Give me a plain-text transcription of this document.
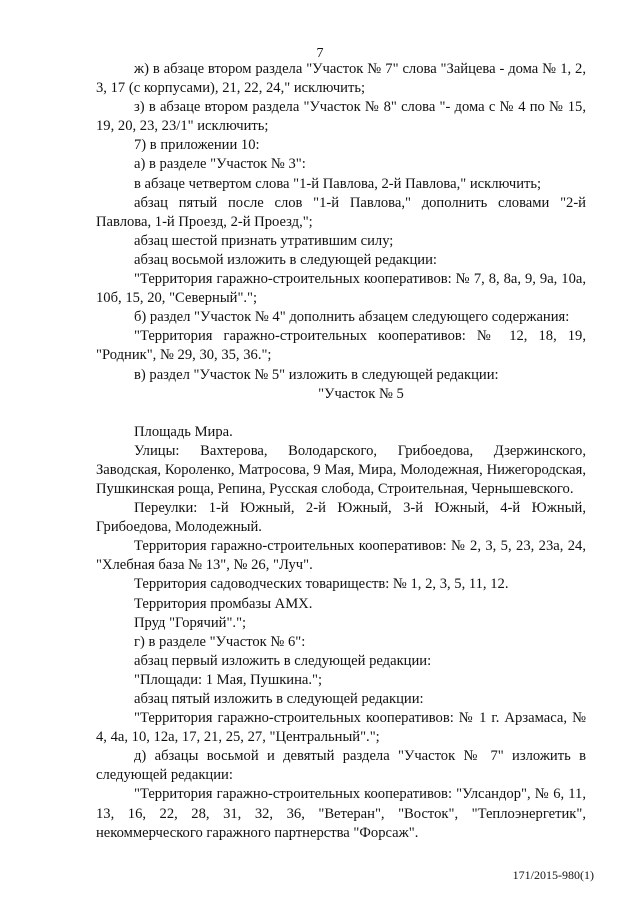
7

ж) в абзаце втором раздела "Участок № 7" слова "Зайцева - дома № 1, 2, 3, 17 (с корпусами), 21, 22, 24," исключить;

з) в абзаце втором раздела "Участок № 8" слова "- дома с № 4 по № 15, 19, 20, 23, 23/1" исключить;

7) в приложении 10:

а) в разделе "Участок № 3":

в абзаце четвертом слова "1-й Павлова, 2-й Павлова," исключить;

абзац пятый после слов "1-й Павлова," дополнить словами "2-й Павлова, 1-й Проезд, 2-й Проезд,";

абзац шестой признать утратившим силу;

абзац восьмой изложить в следующей редакции:

"Территория гаражно-строительных кооперативов: № 7, 8, 8а, 9, 9а, 10а, 10б, 15, 20, "Северный".";

б) раздел "Участок № 4" дополнить абзацем следующего содержания:

"Территория гаражно-строительных кооперативов: № 12, 18, 19, "Родник", № 29, 30, 35, 36.";

в) раздел "Участок № 5" изложить в следующей редакции:

"Участок № 5

Площадь Мира.

Улицы: Вахтерова, Володарского, Грибоедова, Дзержинского, Заводская, Короленко, Матросова, 9 Мая, Мира, Молодежная, Нижегородская, Пушкинская роща, Репина, Русская слобода, Строительная, Чернышевского.

Переулки: 1-й Южный, 2-й Южный, 3-й Южный, 4-й Южный, Грибоедова, Молодежный.

Территория гаражно-строительных кооперативов: № 2, 3, 5, 23, 23а, 24, "Хлебная база № 13", № 26, "Луч".

Территория садоводческих товариществ: № 1, 2, 3, 5, 11, 12.

Территория промбазы АМХ.

Пруд "Горячий".";

г) в разделе "Участок № 6":

абзац первый изложить в следующей редакции:

"Площади: 1 Мая, Пушкина.";

абзац пятый изложить в следующей редакции:

"Территория гаражно-строительных кооперативов: № 1 г. Арзамаса, № 4, 4а, 10, 12а, 17, 21, 25, 27, "Центральный".";

д) абзацы восьмой и девятый раздела "Участок № 7" изложить в следующей редакции:

"Территория гаражно-строительных кооперативов: "Улсандор", № 6, 11, 13, 16, 22, 28, 31, 32, 36, "Ветеран", "Восток", "Теплоэнергетик", некоммерческого гаражного партнерства "Форсаж".

171/2015-980(1)
